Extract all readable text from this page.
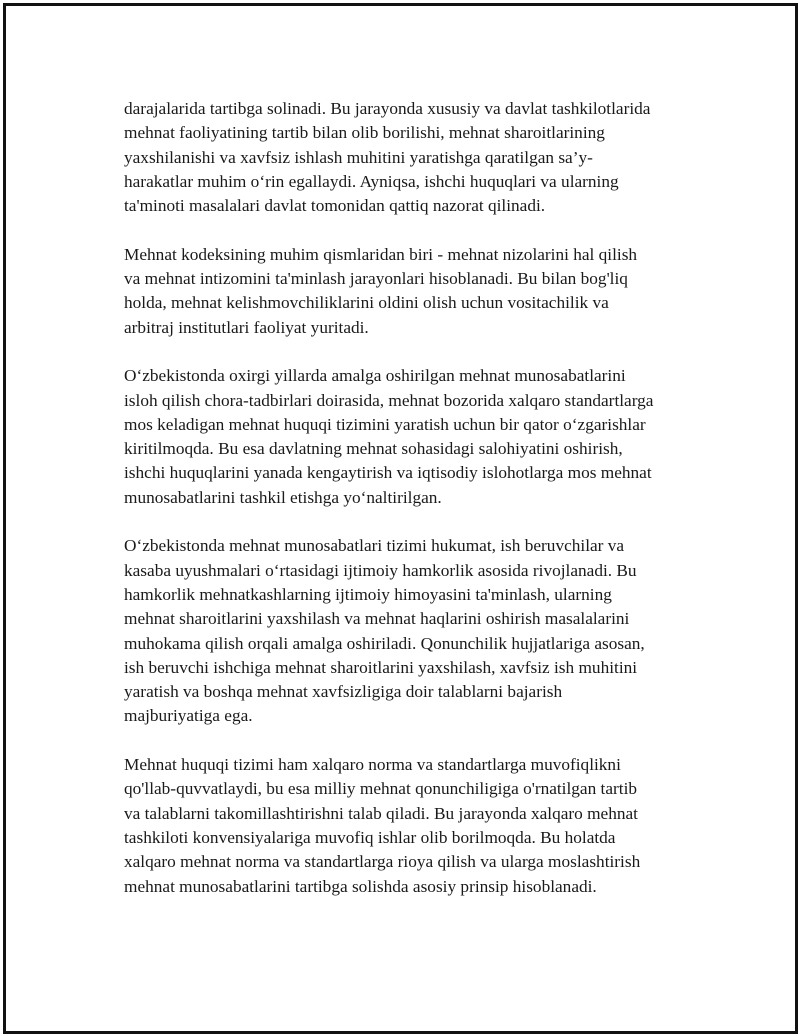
darajalarida tartibga solinadi. Bu jarayonda xususiy va davlat tashkilotlarida
mehnat faoliyatining tartib bilan olib borilishi, mehnat sharoitlarining
yaxshilanishi va xavfsiz ishlash muhitini yaratishga qaratilgan sa’y-
harakatlar muhim o‘rin egallaydi. Ayniqsa, ishchi huquqlari va ularning
ta'minoti masalalari davlat tomonidan qattiq nazorat qilinadi.

Mehnat kodeksining muhim qismlaridan biri - mehnat nizolarini hal qilish
va mehnat intizomini ta'minlash jarayonlari hisoblanadi. Bu bilan bog'liq
holda, mehnat kelishmovchiliklarini oldini olish uchun vositachilik va
arbitraj institutlari faoliyat yuritadi.

O‘zbekistonda oxirgi yillarda amalga oshirilgan mehnat munosabatlarini
isloh qilish chora-tadbirlari doirasida, mehnat bozorida xalqaro standartlarga
mos keladigan mehnat huquqi tizimini yaratish uchun bir qator o‘zgarishlar
kiritilmoqda. Bu esa davlatning mehnat sohasidagi salohiyatini oshirish,
ishchi huquqlarini yanada kengaytirish va iqtisodiy islohotlarga mos mehnat
munosabatlarini tashkil etishga yo‘naltirilgan.

O‘zbekistonda mehnat munosabatlari tizimi hukumat, ish beruvchilar va
kasaba uyushmalari o‘rtasidagi ijtimoiy hamkorlik asosida rivojlanadi. Bu
hamkorlik mehnatkashlarning ijtimoiy himoyasini ta'minlash, ularning
mehnat sharoitlarini yaxshilash va mehnat haqlarini oshirish masalalarini
muhokama qilish orqali amalga oshiriladi. Qonunchilik hujjatlariga asosan,
ish beruvchi ishchiga mehnat sharoitlarini yaxshilash, xavfsiz ish muhitini
yaratish va boshqa mehnat xavfsizligiga doir talablarni bajarish
majburiyatiga ega.

Mehnat huquqi tizimi ham xalqaro norma va standartlarga muvofiqlikni
qo'llab-quvvatlaydi, bu esa milliy mehnat qonunchiligiga o'rnatilgan tartib
va talablarni takomillashtirishni talab qiladi. Bu jarayonda xalqaro mehnat
tashkiloti konvensiyalariga muvofiq ishlar olib borilmoqda. Bu holatda
xalqaro mehnat norma va standartlarga rioya qilish va ularga moslashtirish
mehnat munosabatlarini tartibga solishda asosiy prinsip hisoblanadi.
